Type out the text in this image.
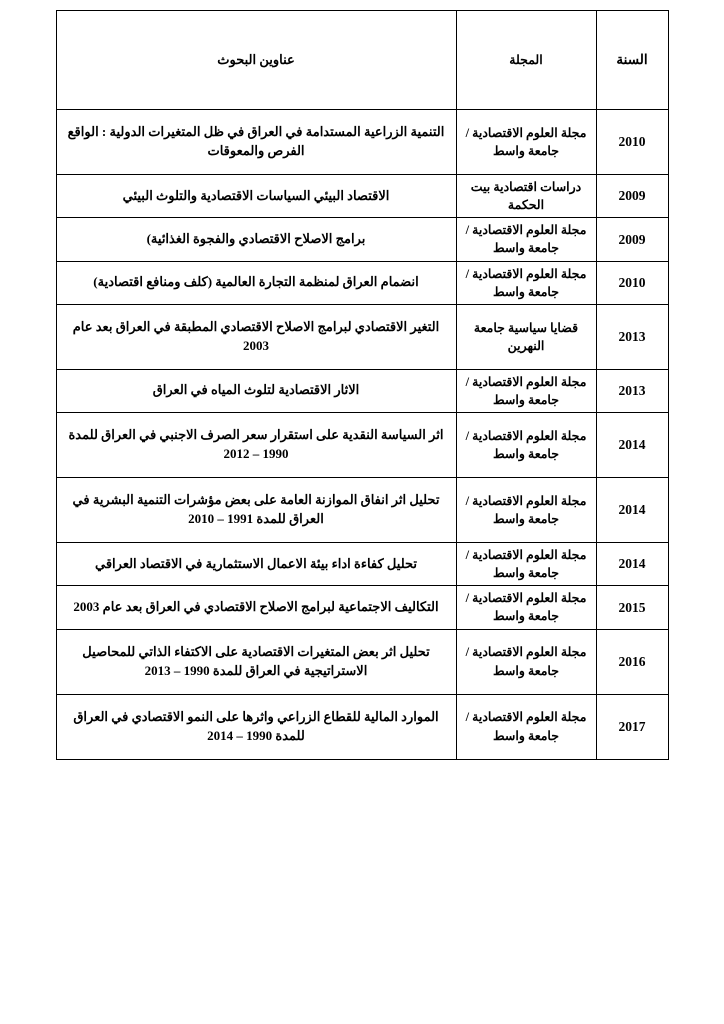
السنة	المجلة	عناوين البحوث
2010	مجلة العلوم الاقتصادية / جامعة واسط	التنمية الزراعية المستدامة في العراق في ظل المتغيرات الدولية : الواقع الفرص والمعوقات
2009	دراسات اقتصادية بيت الحكمة	الاقتصاد البيئي السياسات الاقتصادية والتلوث البيئي
2009	مجلة العلوم الاقتصادية / جامعة واسط	برامج الاصلاح الاقتصادي والفجوة الغذائية)
2010	مجلة العلوم الاقتصادية / جامعة واسط	انضمام العراق لمنظمة التجارة العالمية (كلف ومنافع اقتصادية)
2013	قضايا سياسية جامعة النهرين	التغير الاقتصادي لبرامج الاصلاح الاقتصادي المطبقة في العراق بعد عام 2003
2013	مجلة العلوم الاقتصادية / جامعة واسط	الاثار الاقتصادية لتلوث المياه في العراق
2014	مجلة العلوم الاقتصادية / جامعة واسط	اثر السياسة النقدية على استقرار سعر الصرف الاجنبي في العراق للمدة 1990 – 2012
2014	مجلة العلوم الاقتصادية / جامعة واسط	تحليل اثر انفاق الموازنة العامة على بعض مؤشرات التنمية البشرية في العراق للمدة 1991 – 2010
2014	مجلة العلوم الاقتصادية / جامعة واسط	تحليل كفاءة اداء بيئة الاعمال الاستثمارية في الاقتصاد العراقي
2015	مجلة العلوم الاقتصادية / جامعة واسط	التكاليف الاجتماعية لبرامج الاصلاح الاقتصادي في العراق بعد عام 2003
2016	مجلة العلوم الاقتصادية / جامعة واسط	تحليل اثر بعض المتغيرات الاقتصادية على الاكتفاء الذاتي للمحاصيل الاستراتيجية في العراق للمدة 1990 – 2013
2017	مجلة العلوم الاقتصادية / جامعة واسط	الموارد المالية للقطاع الزراعي واثرها على النمو الاقتصادي في العراق للمدة 1990 – 2014
